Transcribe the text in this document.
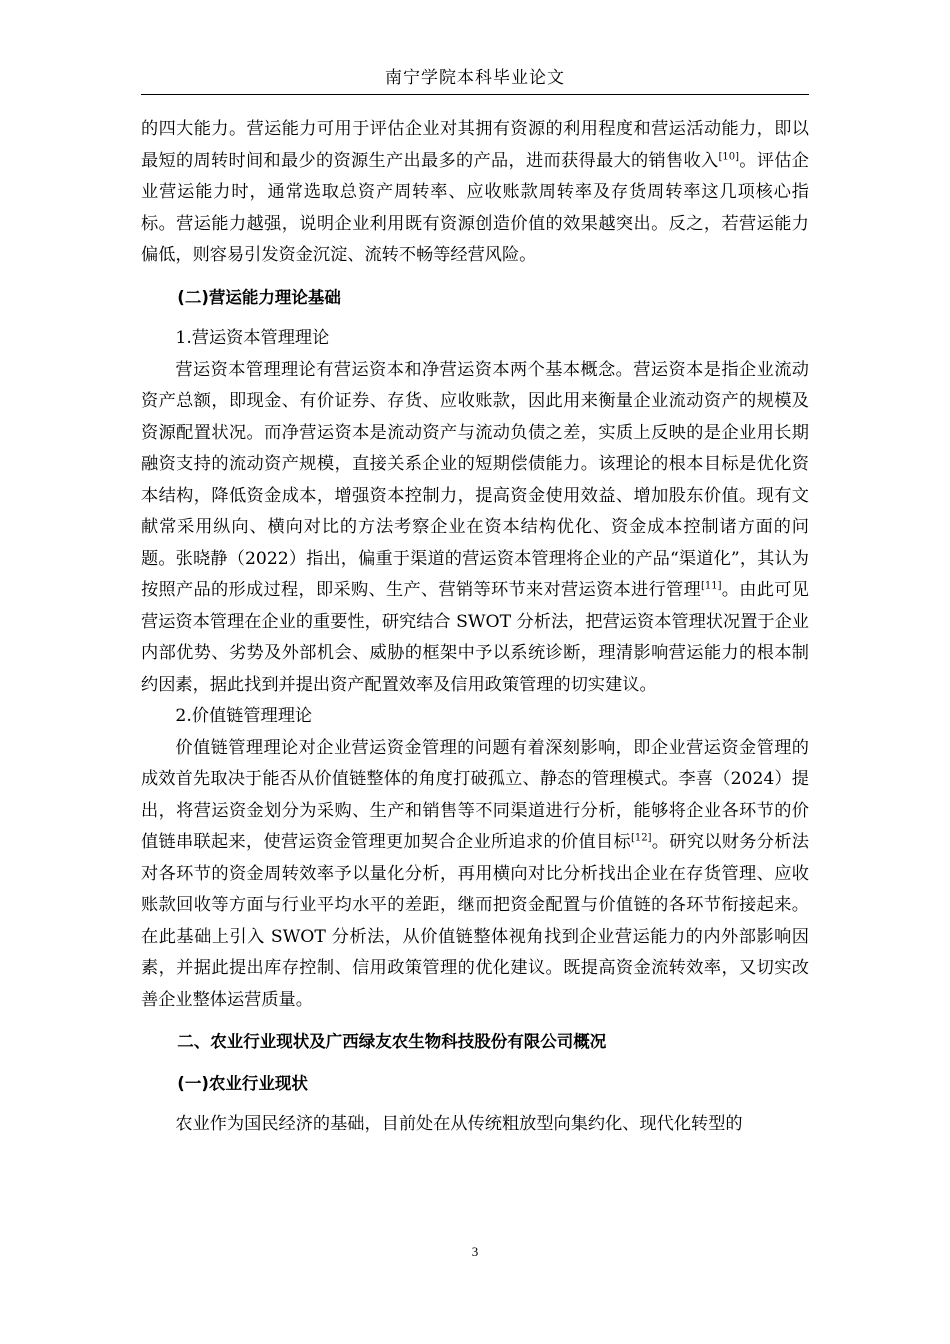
南宁学院本科毕业论文

的四大能力。营运能力可用于评估企业对其拥有资源的利用程度和营运活动能力，即以最短的周转时间和最少的资源生产出最多的产品，进而获得最大的销售收入[10]。评估企业营运能力时，通常选取总资产周转率、应收账款周转率及存货周转率这几项核心指标。营运能力越强，说明企业利用既有资源创造价值的效果越突出。反之，若营运能力偏低，则容易引发资金沉淀、流转不畅等经营风险。

(二)营运能力理论基础
1.营运资本管理理论

营运资本管理理论有营运资本和净营运资本两个基本概念。营运资本是指企业流动资产总额，即现金、有价证券、存货、应收账款，因此用来衡量企业流动资产的规模及资源配置状况。而净营运资本是流动资产与流动负债之差，实质上反映的是企业用长期融资支持的流动资产规模，直接关系企业的短期偿债能力。该理论的根本目标是优化资本结构，降低资金成本，增强资本控制力，提高资金使用效益、增加股东价值。现有文献常采用纵向、横向对比的方法考察企业在资本结构优化、资金成本控制诸方面的问题。张晓静（2022）指出，偏重于渠道的营运资本管理将企业的产品“渠道化”，其认为按照产品的形成过程，即采购、生产、营销等环节来对营运资本进行管理[11]。由此可见营运资本管理在企业的重要性，研究结合 SWOT 分析法，把营运资本管理状况置于企业内部优势、劣势及外部机会、威胁的框架中予以系统诊断，理清影响营运能力的根本制约因素，据此找到并提出资产配置效率及信用政策管理的切实建议。

2.价值链管理理论

价值链管理理论对企业营运资金管理的问题有着深刻影响，即企业营运资金管理的成效首先取决于能否从价值链整体的角度打破孤立、静态的管理模式。李喜（2024）提出，将营运资金划分为采购、生产和销售等不同渠道进行分析，能够将企业各环节的价值链串联起来，使营运资金管理更加契合企业所追求的价值目标[12]。研究以财务分析法对各环节的资金周转效率予以量化分析，再用横向对比分析找出企业在存货管理、应收账款回收等方面与行业平均水平的差距，继而把资金配置与价值链的各环节衔接起来。在此基础上引入 SWOT 分析法，从价值链整体视角找到企业营运能力的内外部影响因素，并据此提出库存控制、信用政策管理的优化建议。既提高资金流转效率，又切实改善企业整体运营质量。

二、农业行业现状及广西绿友农生物科技股份有限公司概况
(一)农业行业现状

农业作为国民经济的基础，目前处在从传统粗放型向集约化、现代化转型的

3
